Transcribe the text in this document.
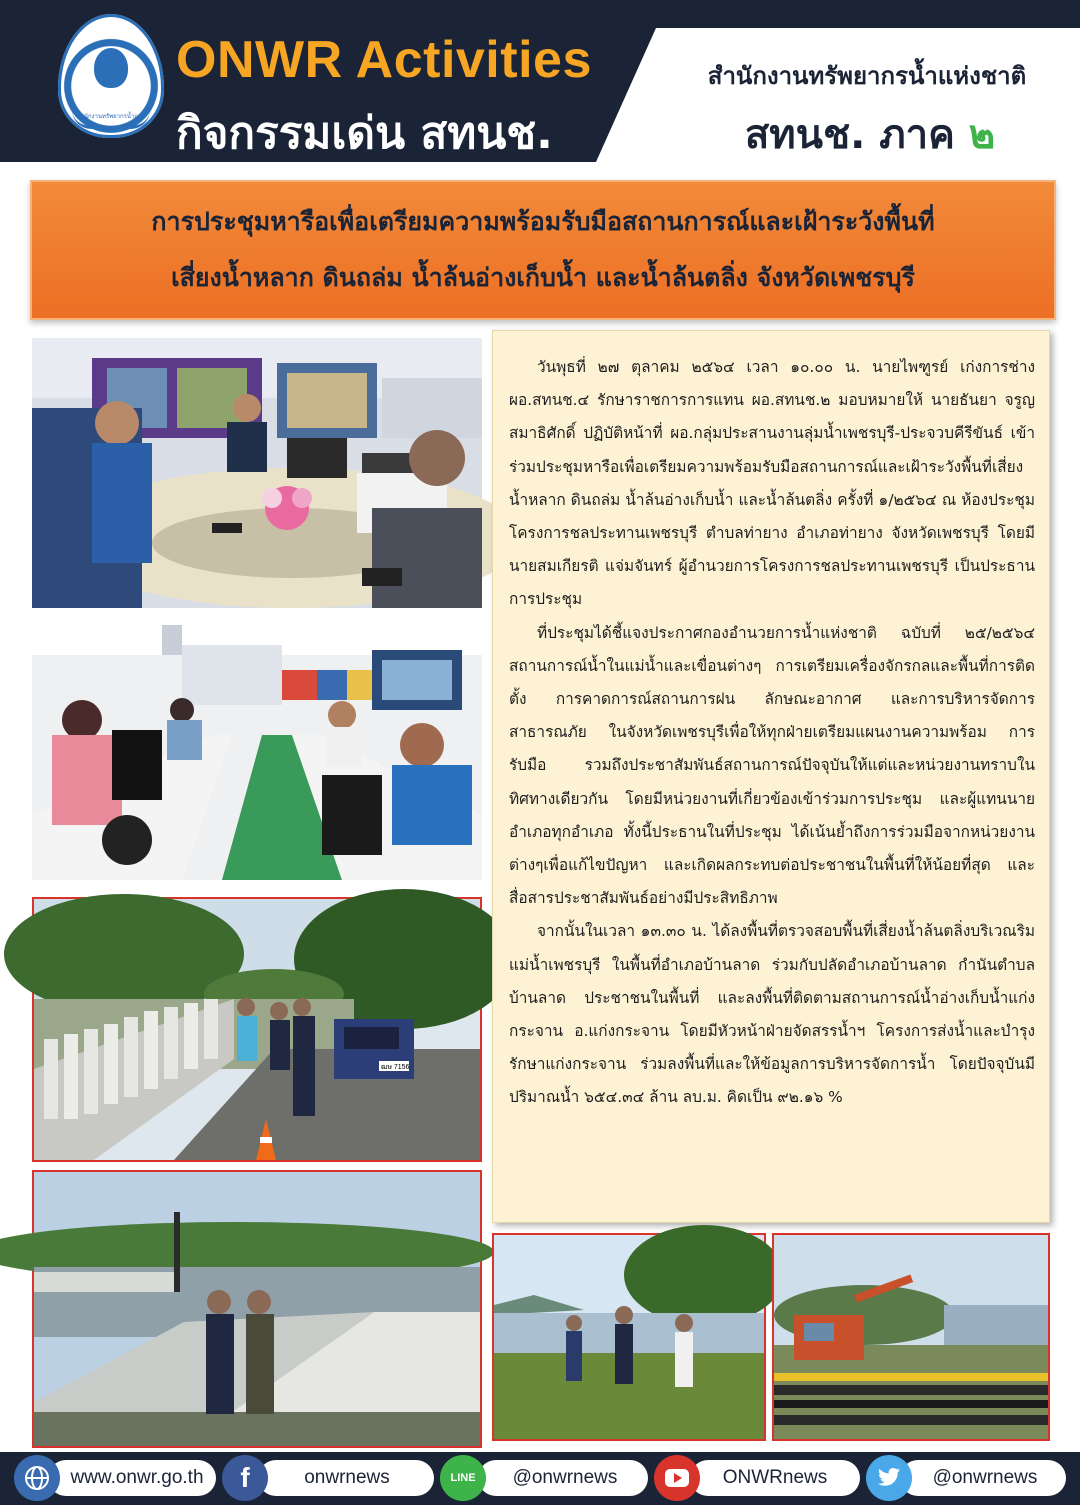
สำนักงานทรัพยากรน้ำแห่งชาติ
ONWR Activities
กิจกรรมเด่น สทนช.
สำนักงานทรัพยากรน้ำแห่งชาติ
สทนช. ภาค ๒
การประชุมหารือเพื่อเตรียมความพร้อมรับมือสถานการณ์และเฝ้าระวังพื้นที่
เสี่ยงน้ำหลาก ดินถล่ม น้ำล้นอ่างเก็บน้ำ และน้ำล้นตลิ่ง จังหวัดเพชรบุรี
ฒษ 7156

วันพุธที่ ๒๗ ตุลาคม ๒๕๖๔ เวลา ๑๐.๐๐ น. นายไพฑูรย์ เก่งการช่าง ผอ.สทนช.๔ รักษาราชการการแทน ผอ.สทนช.๒ มอบหมายให้ นายธันยา จรูญสมาธิศักดิ์ ปฏิบัติหน้าที่ ผอ.กลุ่มประสานงานลุ่มน้ำเพชรบุรี-ประจวบคีรีขันธ์ เข้าร่วมประชุมหารือเพื่อเตรียมความพร้อมรับมือสถานการณ์และเฝ้าระวังพื้นที่เสี่ยงน้ำหลาก ดินถล่ม น้ำล้นอ่างเก็บน้ำ และน้ำล้นตลิ่ง ครั้งที่ ๑/๒๕๖๔ ณ ห้องประชุมโครงการชลประทานเพชรบุรี ตำบลท่ายาง อำเภอท่ายาง จังหวัดเพชรบุรี โดยมี นายสมเกียรติ แจ่มจันทร์ ผู้อำนวยการโครงการชลประทานเพชรบุรี เป็นประธานการประชุม

ที่ประชุมได้ชี้แจงประกาศกองอำนวยการน้ำแห่งชาติ ฉบับที่ ๒๕/๒๕๖๔ สถานการณ์น้ำในแม่น้ำและเขื่อนต่างๆ การเตรียมเครื่องจักรกลและพื้นที่การติดตั้ง การคาดการณ์สถานการฝน ลักษณะอากาศ และการบริหารจัดการสาธารณภัย ในจังหวัดเพชรบุรีเพื่อให้ทุกฝ่ายเตรียมแผนงานความพร้อม การรับมือ รวมถึงประชาสัมพันธ์สถานการณ์ปัจจุบันให้แต่และหน่วยงานทราบในทิศทางเดียวกัน โดยมีหน่วยงานที่เกี่ยวข้องเข้าร่วมการประชุม และผู้แทนนายอำเภอทุกอำเภอ ทั้งนี้ประธานในที่ประชุม ได้เน้นย้ำถึงการร่วมมือจากหน่วยงานต่างๆเพื่อแก้ไขปัญหา และเกิดผลกระทบต่อประชาชนในพื้นที่ให้น้อยที่สุด และสื่อสารประชาสัมพันธ์อย่างมีประสิทธิภาพ

จากนั้นในเวลา ๑๓.๓๐ น. ได้ลงพื้นที่ตรวจสอบพื้นที่เสี่ยงน้ำล้นตลิ่งบริเวณริมแม่น้ำเพชรบุรี ในพื้นที่อำเภอบ้านลาด ร่วมกับปลัดอำเภอบ้านลาด กำนันตำบลบ้านลาด ประชาชนในพื้นที่ และลงพื้นที่ติดตามสถานการณ์น้ำอ่างเก็บน้ำแก่งกระจาน อ.แก่งกระจาน โดยมีหัวหน้าฝ่ายจัดสรรน้ำฯ โครงการส่งน้ำและบำรุงรักษาแก่งกระจาน ร่วมลงพื้นที่และให้ข้อมูลการบริหารจัดการน้ำ โดยปัจจุบันมีปริมาณน้ำ ๖๕๔.๓๔ ล้าน ลบ.ม. คิดเป็น ๙๒.๑๖ %

www.onwr.go.th	f	onwrnews	LINE	@onwrnews	ONWRnews	@onwrnews
